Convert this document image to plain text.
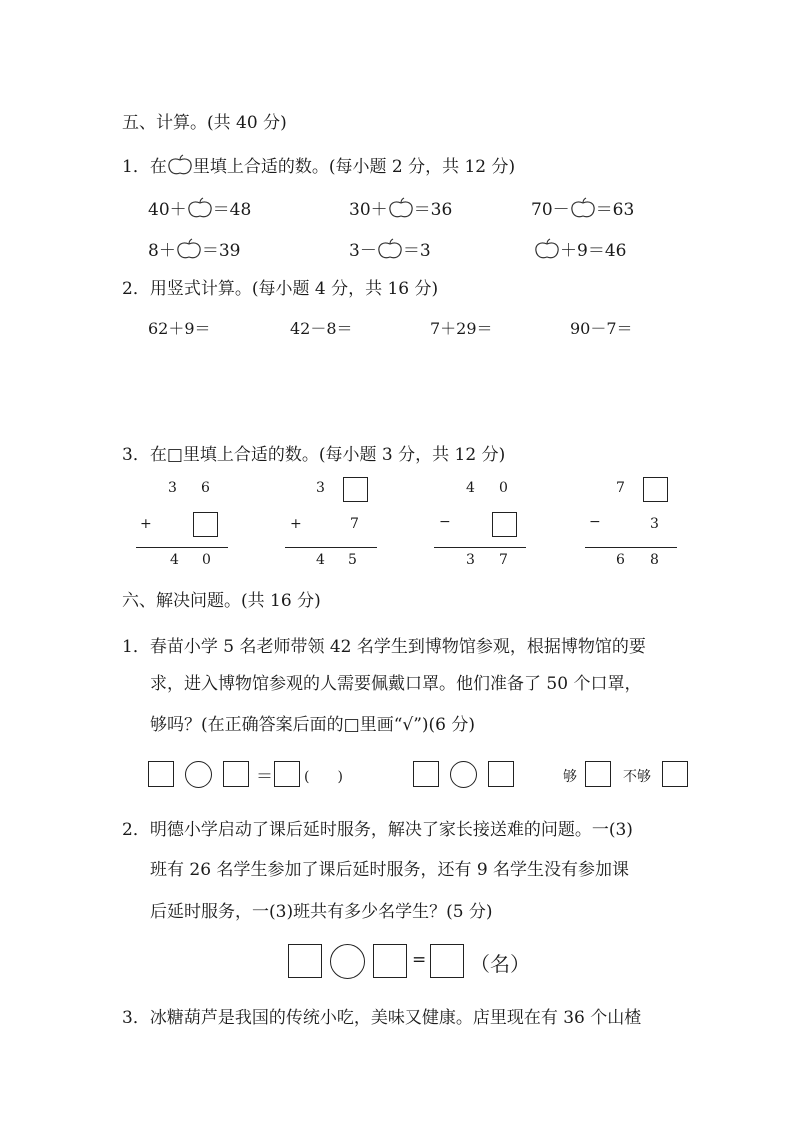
五、计算。(共 40 分)
1．在 里填上合适的数。(每小题 2 分，共 12 分)
40＋ ＝48	30＋ ＝36	70－ ＝63
8＋ ＝39	3－ ＝3	＋9＝46
2．用竖式计算。(每小题 4 分，共 16 分)
62＋9＝	42－8＝	7＋29＝	90－7＝
3．在□里填上合适的数。(每小题 3 分，共 12 分)
3 6
+
4 0
3
+	7
4 5
4 0
−
3 7
7
−	3
6 8
六、解决问题。(共 16 分)
1．春苗小学 5 名老师带领 42 名学生到博物馆参观，根据博物馆的要
求，进入博物馆参观的人需要佩戴口罩。他们准备了 50 个口罩，
够吗？(在正确答案后面的□里画“√”)(6 分)
＝ (　　)	够	不够
2．明德小学启动了课后延时服务，解决了家长接送难的问题。一(3)
班有 26 名学生参加了课后延时服务，还有 9 名学生没有参加课
后延时服务，一(3)班共有多少名学生？(5 分)
= （名）
3．冰糖葫芦是我国的传统小吃，美味又健康。店里现在有 36 个山楂
